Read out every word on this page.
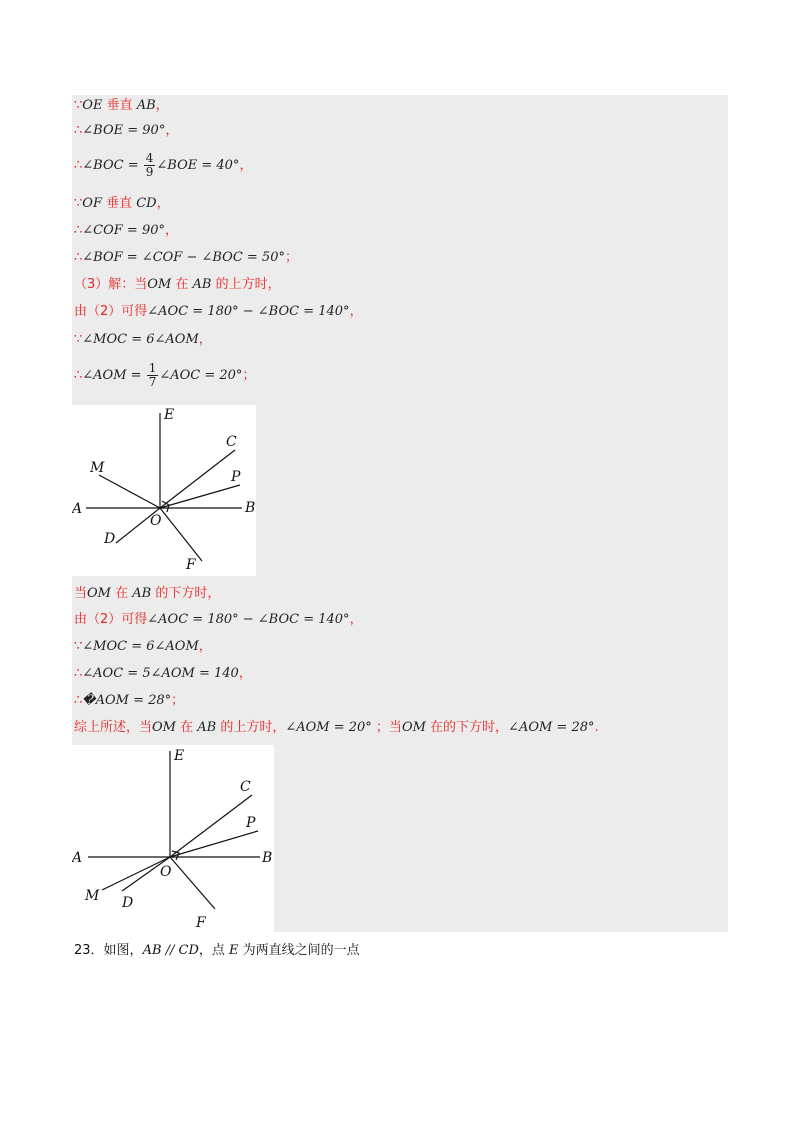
∵OE 垂直 AB，
∴∠BOE = 90°，
∴∠BOC = $\frac{4}{9}$ ∠BOE = 40°，
∵OF 垂直 CD，
∴∠COF = 90°，
∴∠BOF = ∠COF − ∠BOC = 50°；
（3）解：当OM 在 AB 的上方时，
由（2）可得∠AOC = 180° − ∠BOC = 140°，
∵∠MOC = 6∠AOM，
∴∠AOM = $\frac{1}{7}$ ∠AOC = 20°；
E
C
M
P
A	B
O
D
F
当OM 在 AB 的下方时，
由（2）可得∠AOC = 180° − ∠BOC = 140°，
∵∠MOC = 6∠AOM，
∴∠AOC = 5∠AOM = 140，
∴�AOM = 28°；
综上所述，当OM 在 AB 的上方时，∠AOM = 20° ；当OM 在的下方时，∠AOM = 28°.
E
C
P
A	B
O
M D
F
23．如图，AB // CD，点 E 为两直线之间的一点
